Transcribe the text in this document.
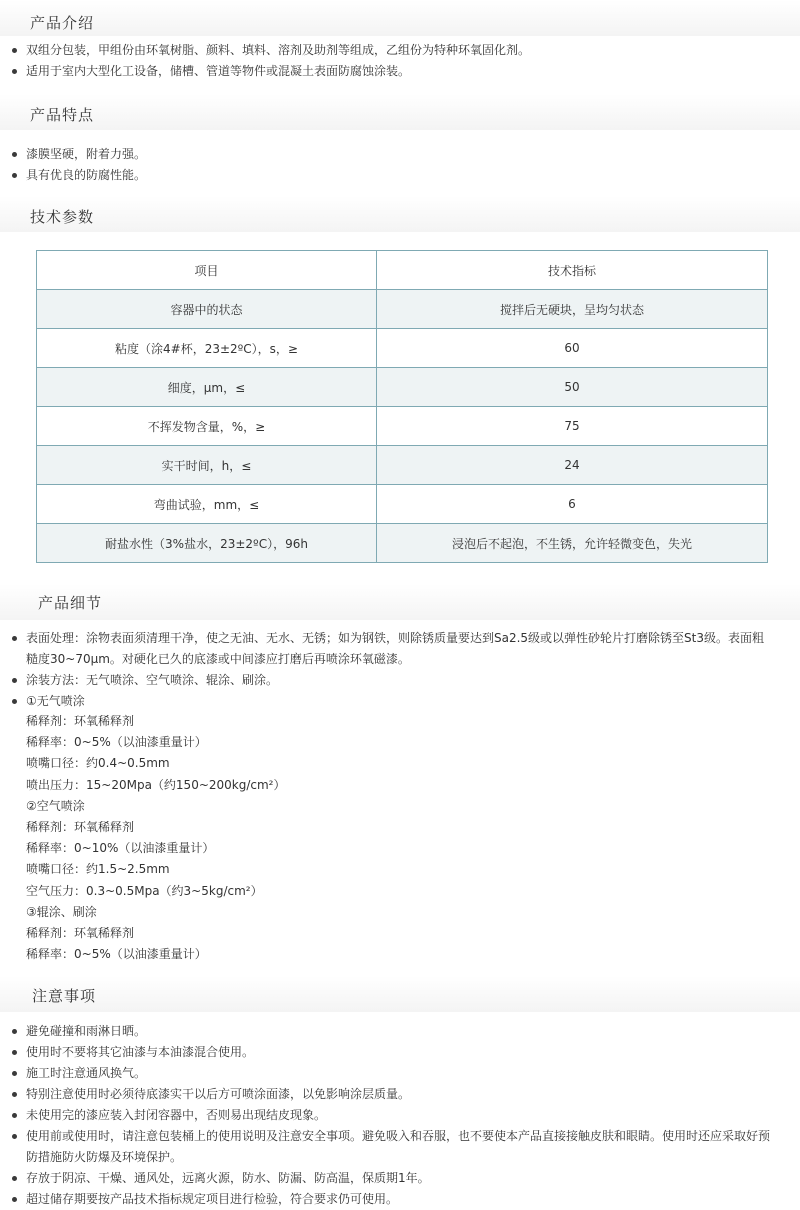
产品介绍
双组分包装，甲组份由环氧树脂、颜料、填料、溶剂及助剂等组成，乙组份为特种环氧固化剂。
适用于室内大型化工设备，储槽、管道等物件或混凝土表面防腐蚀涂装。
产品特点
漆膜坚硬，附着力强。
具有优良的防腐性能。
技术参数
项目	技术指标
容器中的状态	搅拌后无硬块，呈均匀状态
粘度（涂4#杯，23±2ºC），s，≥	60
细度，μm，≤	50
不挥发物含量，%，≥	75
实干时间，h，≤	24
弯曲试验，mm，≤	6
耐盐水性（3%盐水，23±2ºC），96h	浸泡后不起泡，不生锈，允许轻微变色，失光
产品细节
表面处理：涂物表面须清理干净，使之无油、无水、无锈；如为钢铁，则除锈质量要达到Sa2.5级或以弹性砂轮片打磨除锈至St3级。表面粗糙度30~70μm。对硬化已久的底漆或中间漆应打磨后再喷涂环氧磁漆。
涂装方法：无气喷涂、空气喷涂、辊涂、刷涂。
①无气喷涂
稀释剂：环氧稀释剂
稀释率：0~5%（以油漆重量计）
喷嘴口径：约0.4~0.5mm
喷出压力：15~20Mpa（约150~200kg/cm²）
②空气喷涂
稀释剂：环氧稀释剂
稀释率：0~10%（以油漆重量计）
喷嘴口径：约1.5~2.5mm
空气压力：0.3~0.5Mpa（约3~5kg/cm²）
③辊涂、刷涂
稀释剂：环氧稀释剂
稀释率：0~5%（以油漆重量计）
注意事项
避免碰撞和雨淋日晒。
使用时不要将其它油漆与本油漆混合使用。
施工时注意通风换气。
特别注意使用时必须待底漆实干以后方可喷涂面漆，以免影响涂层质量。
未使用完的漆应装入封闭容器中，否则易出现结皮现象。
使用前或使用时，请注意包装桶上的使用说明及注意安全事项。避免吸入和吞服，也不要使本产品直接接触皮肤和眼睛。使用时还应采取好预防措施防火防爆及环境保护。
存放于阴凉、干燥、通风处，远离火源，防水、防漏、防高温，保质期1年。
超过储存期要按产品技术指标规定项目进行检验，符合要求仍可使用。
